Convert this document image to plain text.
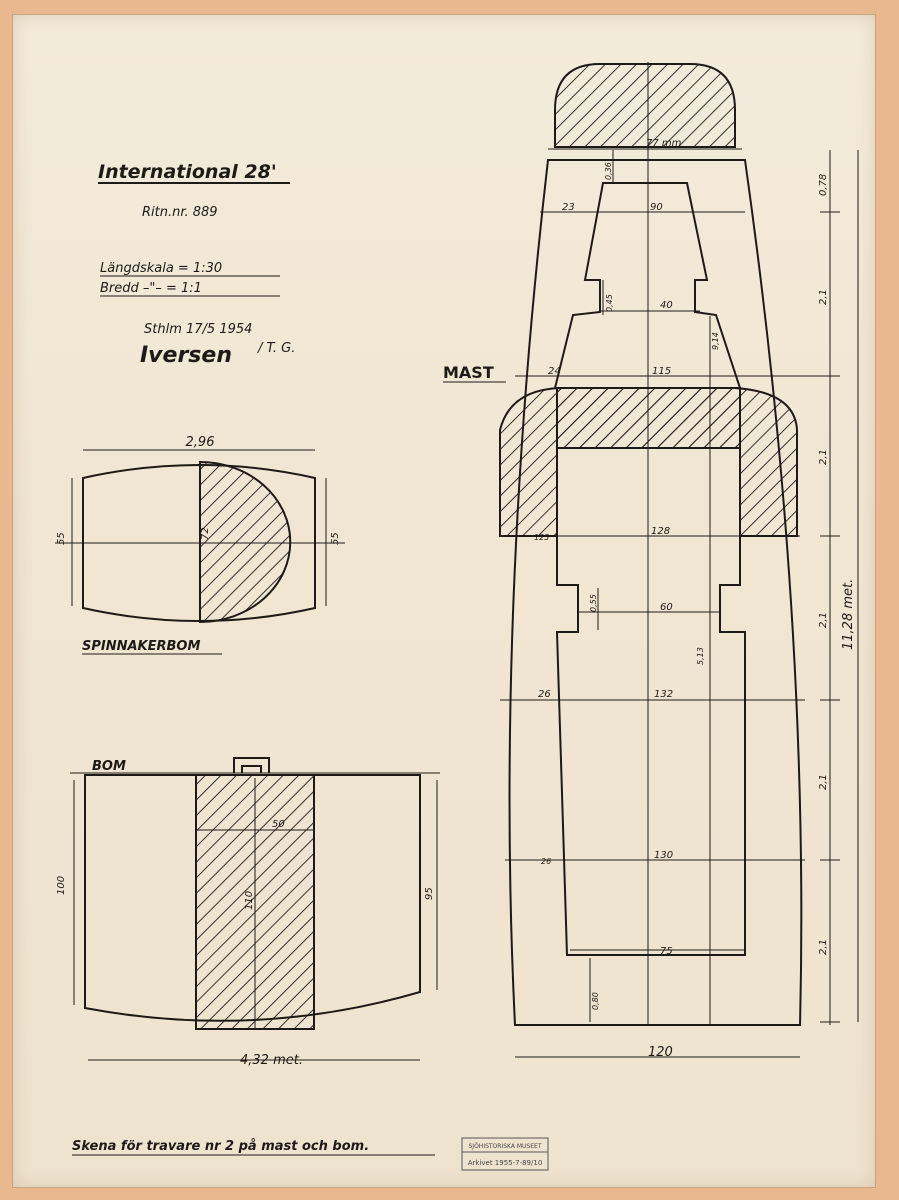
International 28'
Ritn.nr. 889
Längdskala = 1:30
Bredd –"– = 1:1
Sthlm 17/5 1954
Iversen / T. G.
2,96
55	55
72
SPINNAKERBOM
BOM
100	95
110
50
4,32 met.
MAST
77 mm
0,36
23	90
0,45	40
9,14
24	115
125
128
0,55	60
5,13
26	132
26
130
75
0,80
120
0,78
2,1
2,1
2,1
2,1
2,1
11,28 met.
Skena för travare nr 2 på mast och bom.	SJÖHISTORISKA MUSEET
Arkivet 1955-7-89/10
